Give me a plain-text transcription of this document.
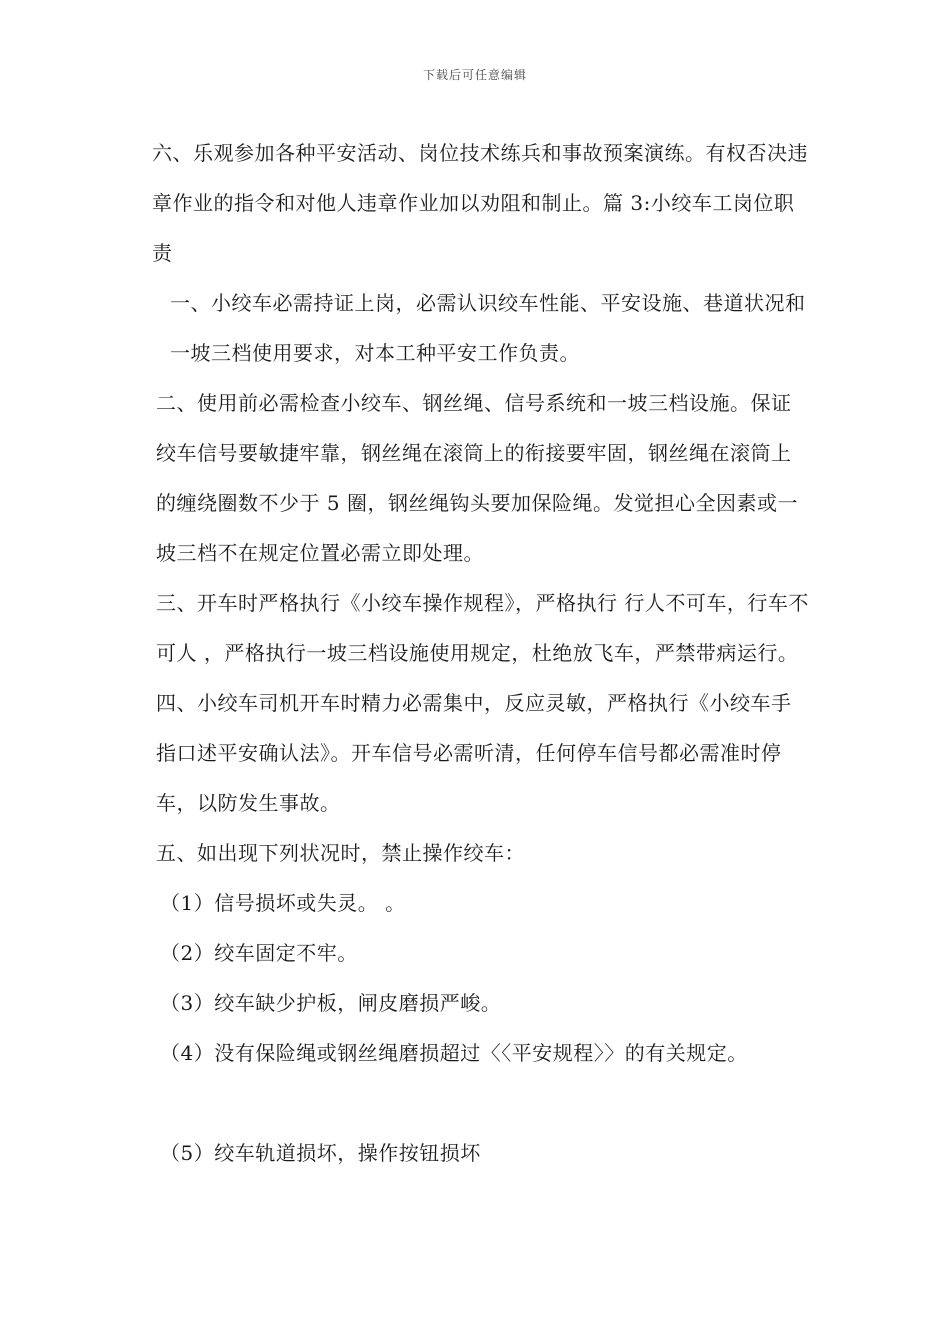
下载后可任意编辑

六、乐观参加各种平安活动、岗位技术练兵和事故预案演练。有权否决违章作业的指令和对他人违章作业加以劝阻和制止。篇 3:小绞车工岗位职责

一、小绞车必需持证上岗，必需认识绞车性能、平安设施、巷道状况和一坡三档使用要求，对本工种平安工作负责。

二、使用前必需检查小绞车、钢丝绳、信号系统和一坡三档设施。保证绞车信号要敏捷牢靠，钢丝绳在滚筒上的衔接要牢固，钢丝绳在滚筒上的缠绕圈数不少于 5 圈，钢丝绳钩头要加保险绳。发觉担心全因素或一坡三档不在规定位置必需立即处理。

三、开车时严格执行《小绞车操作规程》，严格执行 行人不可车，行车不可人 ，严格执行一坡三档设施使用规定，杜绝放飞车，严禁带病运行。

四、小绞车司机开车时精力必需集中，反应灵敏，严格执行《小绞车手指口述平安确认法》。开车信号必需听清，任何停车信号都必需准时停车，以防发生事故。

五、如出现下列状况时，禁止操作绞车：

（1）信号损坏或失灵。 。

（2）绞车固定不牢。

（3）绞车缺少护板，闸皮磨损严峻。

（4）没有保险绳或钢丝绳磨损超过〈〈平安规程〉〉的有关规定。

（5）绞车轨道损坏，操作按钮损坏
